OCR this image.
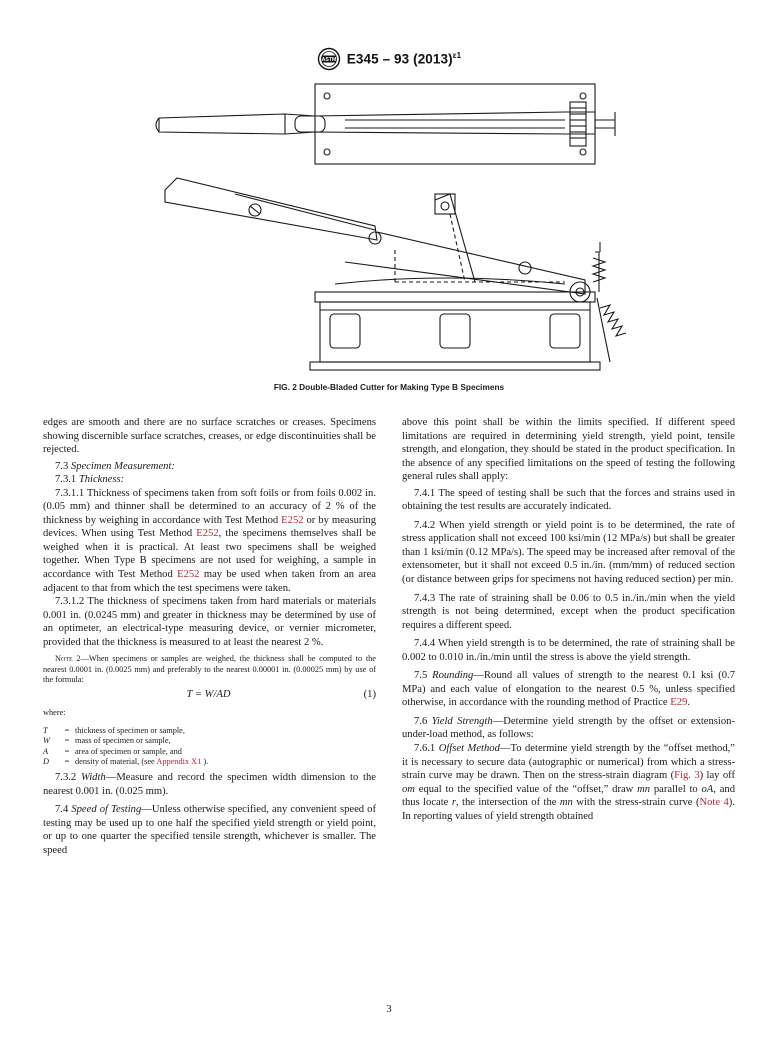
ASTM E345 – 93 $(2013)^{\varepsilon 1}$
FIG. 2 Double-Bladed Cutter for Making Type B Specimens

edges are smooth and there are no surface scratches or creases. Specimens showing discernible surface scratches, creases, or edge discontinuities shall be rejected.

7.3 Specimen Measurement:

7.3.1 Thickness:

7.3.1.1 Thickness of specimens taken from soft foils or from foils 0.002 in. (0.05 mm) and thinner shall be determined to an accuracy of 2 % of the thickness by weighing in accordance with Test Method E252 or by measuring devices. When using Test Method E252, the specimens themselves shall be weighed when it is practical. At least two specimens shall be weighed together. When Type B specimens are not used for weighing, a sample in accordance with Test Method E252 may be used when taken from an area adjacent to that from which the test specimens were taken.

7.3.1.2 The thickness of specimens taken from hard materials or materials 0.001 in. (0.0245 mm) and greater in thickness may be determined by use of an optimeter, an electrical-type measuring device, or vernier micrometer, provided that the thickness is measured to at least the nearest 2 %.

Note 2—When specimens or samples are weighed, the thickness shall be computed to the nearest 0.0001 in. (0.0025 mm) and preferably to the nearest 0.00001 in. (0.00025 mm) by use of the formula:

T = W/AD	(1)
where:
T	= thickness of specimen or sample,
W	= mass of specimen or sample,
A	= area of specimen or sample, and
D	= density of material, (see Appendix X1 ).

7.3.2 Width—Measure and record the specimen width dimension to the nearest 0.001 in. (0.025 mm).

7.4 Speed of Testing—Unless otherwise specified, any convenient speed of testing may be used up to one half the specified yield strength or yield point, or up to one quarter the specified tensile strength, whichever is smaller. The speed

above this point shall be within the limits specified. If different speed limitations are required in determining yield strength, yield point, tensile strength, and elongation, they should be stated in the product specification. In the absence of any specified limitations on the speed of testing the following general rules shall apply:

7.4.1 The speed of testing shall be such that the forces and strains used in obtaining the test results are accurately indicated.

7.4.2 When yield strength or yield point is to be determined, the rate of stress application shall not exceed 100 ksi/min (12 MPa/s) but shall be greater than 1 ksi/min (0.12 MPa/s). The speed may be increased after removal of the extensometer, but it shall not exceed 0.5 in./in. (mm/mm) of reduced section (or distance between grips for specimens not having reduced section) per min.

7.4.3 The rate of straining shall be 0.06 to 0.5 in./in./min when the yield strength is not being determined, except when the product specification requires a different speed.

7.4.4 When yield strength is to be determined, the rate of straining shall be 0.002 to 0.010 in./in./min until the stress is above the yield strength.

7.5 Rounding—Round all values of strength to the nearest 0.1 ksi (0.7 MPa) and each value of elongation to the nearest 0.5 %, unless specified otherwise, in accordance with the rounding method of Practice E29.

7.6 Yield Strength—Determine yield strength by the offset or extension-under-load method, as follows:

7.6.1 Offset Method—To determine yield strength by the “offset method,” it is necessary to secure data (autographic or numerical) from which a stress-strain curve may be drawn. Then on the stress-strain diagram (Fig. 3) lay off om equal to the specified value of the “offset,” draw mn parallel to oA, and thus locate r, the intersection of the mn with the stress-strain curve (Note 4). In reporting values of yield strength obtained

3
